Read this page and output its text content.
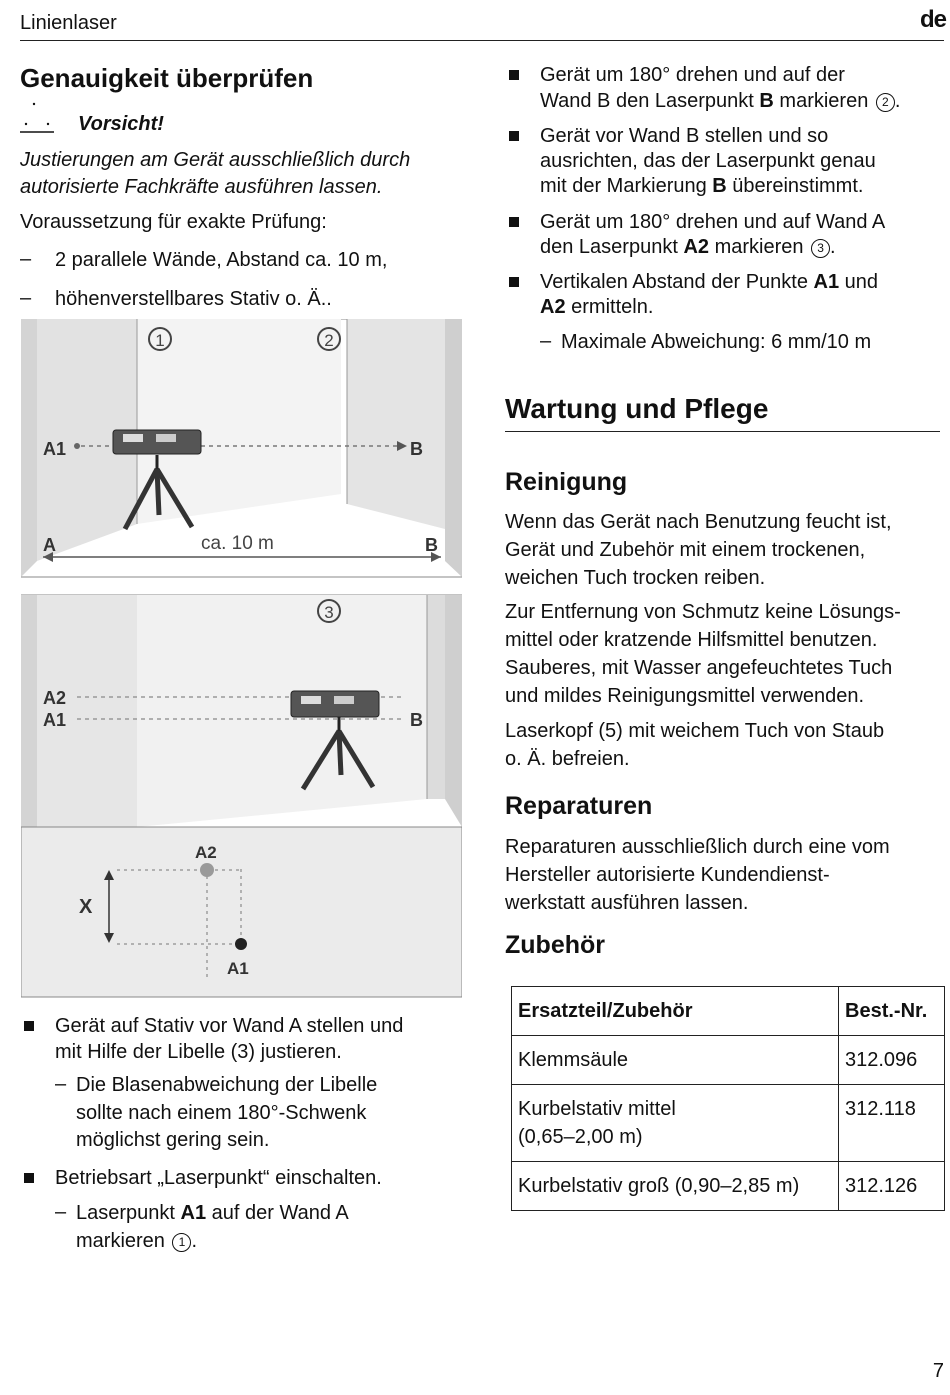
Linienlaser	de
Genauigkeit überprüfen
Vorsicht!
Justierungen am Gerät ausschließlich durch
autorisierte Fachkräfte ausführen lassen.
Voraussetzung für exakte Prüfung:
– 2 parallele Wände, Abstand ca. 10 m,
– höhenverstellbares Stativ o. Ä..
1	2
A1	B
A	B
ca. 10 m
3
A2
A1	B
A2
A1
X
Gerät auf Stativ vor Wand A stellen und
mit Hilfe der Libelle (3) justieren.
– Die Blasenabweichung der Libelle
sollte nach einem 180°-Schwenk
möglichst gering sein.
Betriebsart „Laserpunkt“ einschalten.
– Laserpunkt A1 auf der Wand A
markieren 1 .
Gerät um 180° drehen und auf der
Wand B den Laserpunkt B markieren 2 .
Gerät vor Wand B stellen und so
ausrichten, das der Laserpunkt genau
mit der Markierung B übereinstimmt.
Gerät um 180° drehen und auf Wand A
den Laserpunkt A2 markieren 3 .
Vertikalen Abstand der Punkte A1 und
A2 ermitteln.
– Maximale Abweichung: 6 mm/10 m
Wartung und Pflege
Reinigung
Wenn das Gerät nach Benutzung feucht ist,
Gerät und Zubehör mit einem trockenen,
weichen Tuch trocken reiben.
Zur Entfernung von Schmutz keine Lösungs-
mittel oder kratzende Hilfsmittel benutzen.
Sauberes, mit Wasser angefeuchtetes Tuch
und mildes Reinigungsmittel verwenden.
Laserkopf (5) mit weichem Tuch von Staub
o. Ä. befreien.
Reparaturen
Reparaturen ausschließlich durch eine vom
Hersteller autorisierte Kundendienst-
werkstatt ausführen lassen.
Zubehör
Ersatzteil/Zubehör	Best.-Nr.
Klemmsäule	312.096

Kurbelstativ mittel
(0,65–2,00 m)	312.118
Kurbelstativ groß (0,90–2,85 m)	312.126
7
